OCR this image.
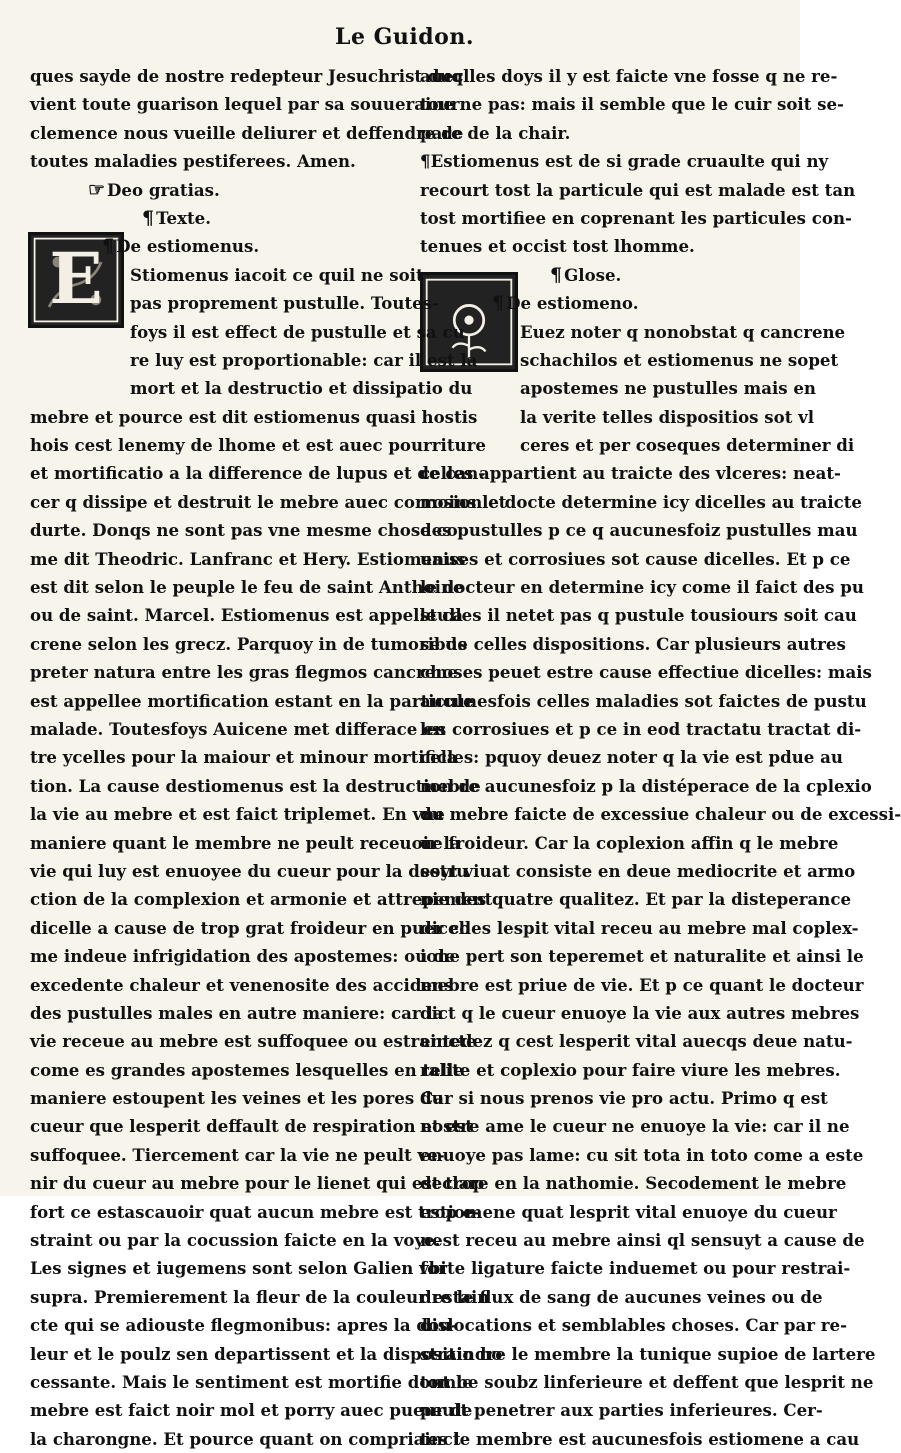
Le Guidon.
E
ques sayde de nostre redepteur Jesuchrist duql
vient toute guarison lequel par sa souueraine
clemence nous vueille deliurer et deffendre de
toutes maladies pestiferees. Amen.
☞ Deo gratias.
¶ Texte.
¶ De estiomenus.
Stiomenus iacoit ce quil ne soit
pas proprement pustulle. Toutes-
foys il est effect de pustulle et sa cu
re luy est proportionable: car il est la
mort et la destructio et dissipatio du
mebre et pource est dit estiomenus quasi hostis
hois cest lenemy de lhome et est auec pourriture
et mortificatio a la difference de lupus et de can-
cer q dissipe et destruit le mebre auec corrosion et
durte. Donqs ne sont pas vne mesme chose co
me dit Theodric. Lanfranc et Hery. Estiomenus
est dit selon le peuple le feu de saint Anthoine
ou de saint. Marcel. Estiomenus est appelle ca
crene selon les grecz. Parquoy in de tumoribus
preter natura entre les gras flegmos cancrene
est appellee mortification estant en la particule
malade. Toutesfoys Auicene met differace en
tre ycelles pour la maiour et minour mortifica
tion. La cause destiomenus est la destruction de
la vie au mebre et est faict triplemet. En vne
maniere quant le membre ne peult receuoir la
vie qui luy est enuoyee du cueur pour la destru
ction de la complexion et armonie et attrepement
dicelle a cause de trop grat froideur en puer co
me indeue infrigidation des apostemes: ou de
excedente chaleur et venenosite des accidens
des pustulles males en autre maniere: car la
vie receue au mebre est suffoquee ou estraincte
come es grandes apostemes lesquelles en telle
maniere estoupent les veines et les pores du
cueur que lesperit deffault de respiration et est
suffoquee. Tiercement car la vie ne peult ve-
nir du cueur au mebre pour le lienet qui est trop
fort ce estascauoir quat aucun mebre est trop e-
straint ou par la cocussion faicte en la voye.
Les signes et iugemens sont selon Galien vbi
supra. Premierement la fleur de la couleur estain
cte qui se adiouste flegmonibus: apres la dou-
leur et le poulz sen departissent et la dispositio no
cessante. Mais le sentiment est mortifie dont le
mebre est faict noir mol et porry auec pueur de
la charongne. Et pource quant on compriainct
auec les doys il y est faicte vne fosse q ne re-
tourne pas: mais il semble que le cuir soit se-
pare de la chair.
¶Estiomenus est de si grade cruaulte qui ny
recourt tost la particule qui est malade est tan
tost mortifiee en coprenant les particules con-
tenues et occist tost lhomme.
¶ Glose.
¶ De estiomeno.
Euez noter q nonobstat q cancrene
schachilos et estiomenus ne sopet
apostemes ne pustulles mais en
la verite telles dispositios sot vl
ceres et per coseques determiner di
celles appartient au traicte des vlceres: neat-
moins le docte determine icy dicelles au traicte
des pustulles p ce q aucunesfoiz pustulles mau
uaises et corrosiues sot cause dicelles. Et p ce
le docteur en determine icy come il faict des pu
stulles il netet pas q pustule tousiours soit cau
se de celles dispositions. Car plusieurs autres
choses peuet estre cause effectiue dicelles: mais
aucunesfois celles maladies sot faictes de pustu
les corrosiues et p ce in eod tractatu tractat di-
celles: pquoy deuez noter q la vie est pdue au
mebre aucunesfoiz p la distéperace de la cplexio
du mebre faicte de excessiue chaleur ou de excessi-
ue froideur. Car la coplexion affin q le mebre
soyt viuat consiste en deue mediocrite et armo
nie des quatre qualitez. Et par la disteperance
dicelles lespit vital receu au mebre mal coplex-
ione pert son teperemet et naturalite et ainsi le
mebre est priue de vie. Et p ce quant le docteur
dict q le cueur enuoye la vie aux autres mebres
entedez q cest lesperit vital auecqs deue natu-
ralite et coplexio pour faire viure les mebres.
Car si nous prenos vie pro actu. Primo q est
nostre ame le cueur ne enuoye la vie: car il ne
enuoye pas lame: cu sit tota in toto come a este
declare en la nathomie. Secodement le mebre
estiomene quat lesprit vital enuoye du cueur
nest receu au mebre ainsi ql sensuyt a cause de
forte ligature faicte induemet ou pour restrai-
dre le flux de sang de aucunes veines ou de
dislocations et semblables choses. Car par re-
straindre le membre la tunique supioe de lartere
tombe soubz linferieure et deffent que lesprit ne
peult penetrer aux parties inferieures. Cer-
tes le membre est aucunesfois estiomene a cau
